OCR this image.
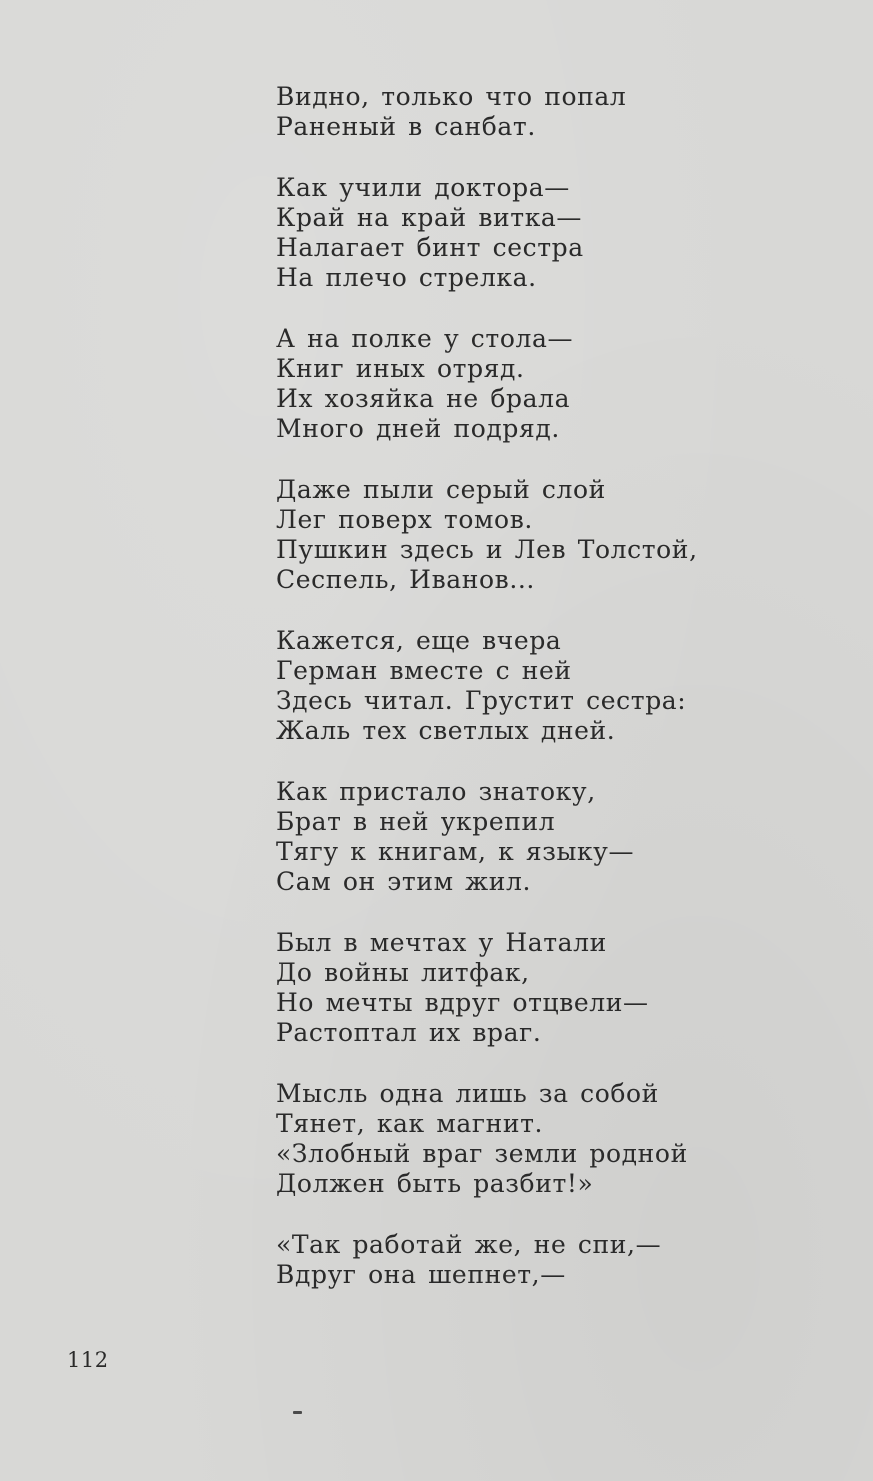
Видно, только что попал
Раненый в санбат.
Как учили доктора—
Край на край витка—
Налагает бинт сестра
На плечо стрелка.
А на полке у стола—
Книг иных отряд.
Их хозяйка не брала
Много дней подряд.
Даже пыли серый слой
Лег поверх томов.
Пушкин здесь и Лев Толстой,
Сеспель, Иванов...
Кажется, еще вчера
Герман вместе с ней
Здесь читал. Грустит сестра:
Жаль тех светлых дней.
Как пристало знатоку,
Брат в ней укрепил
Тягу к книгам, к языку—
Сам он этим жил.
Был в мечтах у Натали
До войны литфак,
Но мечты вдруг отцвели—
Растоптал их враг.
Мысль одна лишь за собой
Тянет, как магнит.
«Злобный враг земли родной
Должен быть разбит!»
«Так работай же, не спи,—
Вдруг она шепнет,—
112
